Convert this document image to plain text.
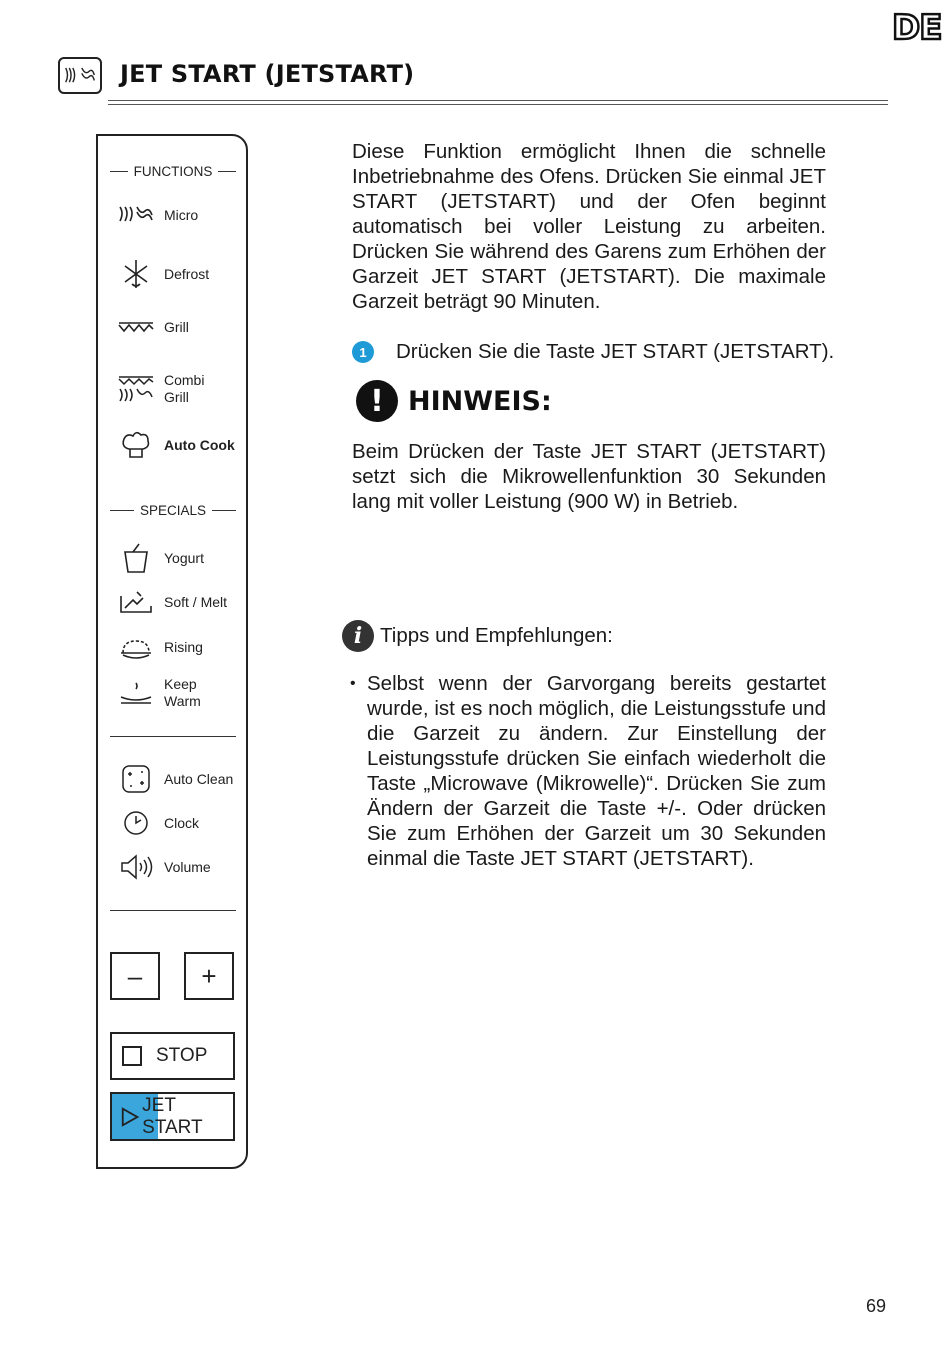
DE
JET START (JETSTART)
FUNCTIONS
Micro
Defrost
Grill
Combi
Grill
Auto Cook
SPECIALS
Yogurt
Soft / Melt
Rising
Keep
Warm
Auto Clean
Clock
Volume
– +
STOP
JET START

Diese Funktion ermöglicht Ihnen die schnelle Inbetriebnahme des Ofens. Drücken Sie einmal JET START (JETSTART) und der Ofen beginnt automatisch bei voller Leistung zu arbeiten. Drücken Sie während des Garens zum Erhöhen der Garzeit JET START (JETSTART). Die maximale Garzeit beträgt 90 Minuten.

1	Drücken Sie die Taste JET START (JETSTART).
! HINWEIS:

Beim Drücken der Taste JET START (JETSTART) setzt sich die Mikrowellenfunktion 30 Sekunden lang mit voller Leistung (900 W) in Betrieb.

i Tipps und Empfehlungen:
• Selbst wenn der Garvorgang bereits gestartet wurde, ist es noch möglich, die Leistungsstufe und die Garzeit zu ändern. Zur Einstellung der Leistungsstufe drücken Sie einfach wiederholt die Taste „Microwave (Mikrowelle)“. Drücken Sie zum Ändern der Garzeit die Taste +/-. Oder drücken Sie zum Erhöhen der Garzeit um 30 Sekunden einmal die Taste JET START (JETSTART).
69
